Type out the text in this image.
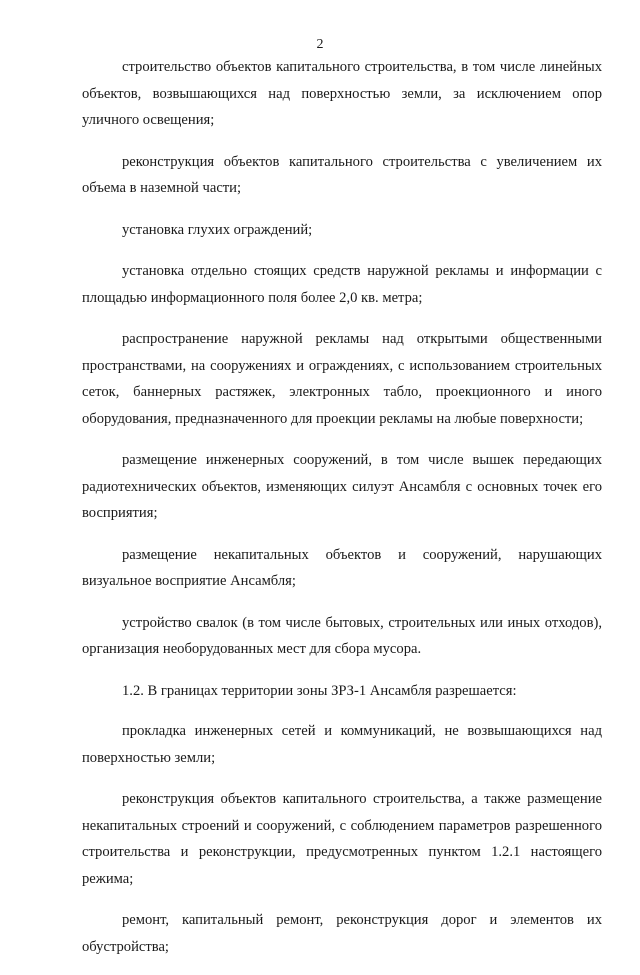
2

строительство объектов капитального строительства, в том числе линейных объектов, возвышающихся над поверхностью земли, за исключением опор уличного освещения;

реконструкция объектов капитального строительства с увеличением их объема в наземной части;

установка глухих ограждений;

установка отдельно стоящих средств наружной рекламы и информации с площадью информационного поля более 2,0 кв. метра;

распространение наружной рекламы над открытыми общественными пространствами, на сооружениях и ограждениях, с использованием строительных сеток, баннерных растяжек, электронных табло, проекционного и иного оборудования, предназначенного для проекции рекламы на любые поверхности;

размещение инженерных сооружений, в том числе вышек передающих радиотехнических объектов, изменяющих силуэт Ансамбля с основных точек его восприятия;

размещение некапитальных объектов и сооружений, нарушающих визуальное восприятие Ансамбля;

устройство свалок (в том числе бытовых, строительных или иных отходов), организация необорудованных мест для сбора мусора.

1.2. В границах территории зоны ЗРЗ-1 Ансамбля разрешается:

прокладка инженерных сетей и коммуникаций, не возвышающихся над поверхностью земли;

реконструкция объектов капитального строительства, а также размещение некапитальных строений и сооружений, с соблюдением параметров разрешенного строительства и реконструкции, предусмотренных пунктом 1.2.1 настоящего режима;

ремонт, капитальный ремонт, реконструкция дорог и элементов их обустройства;
